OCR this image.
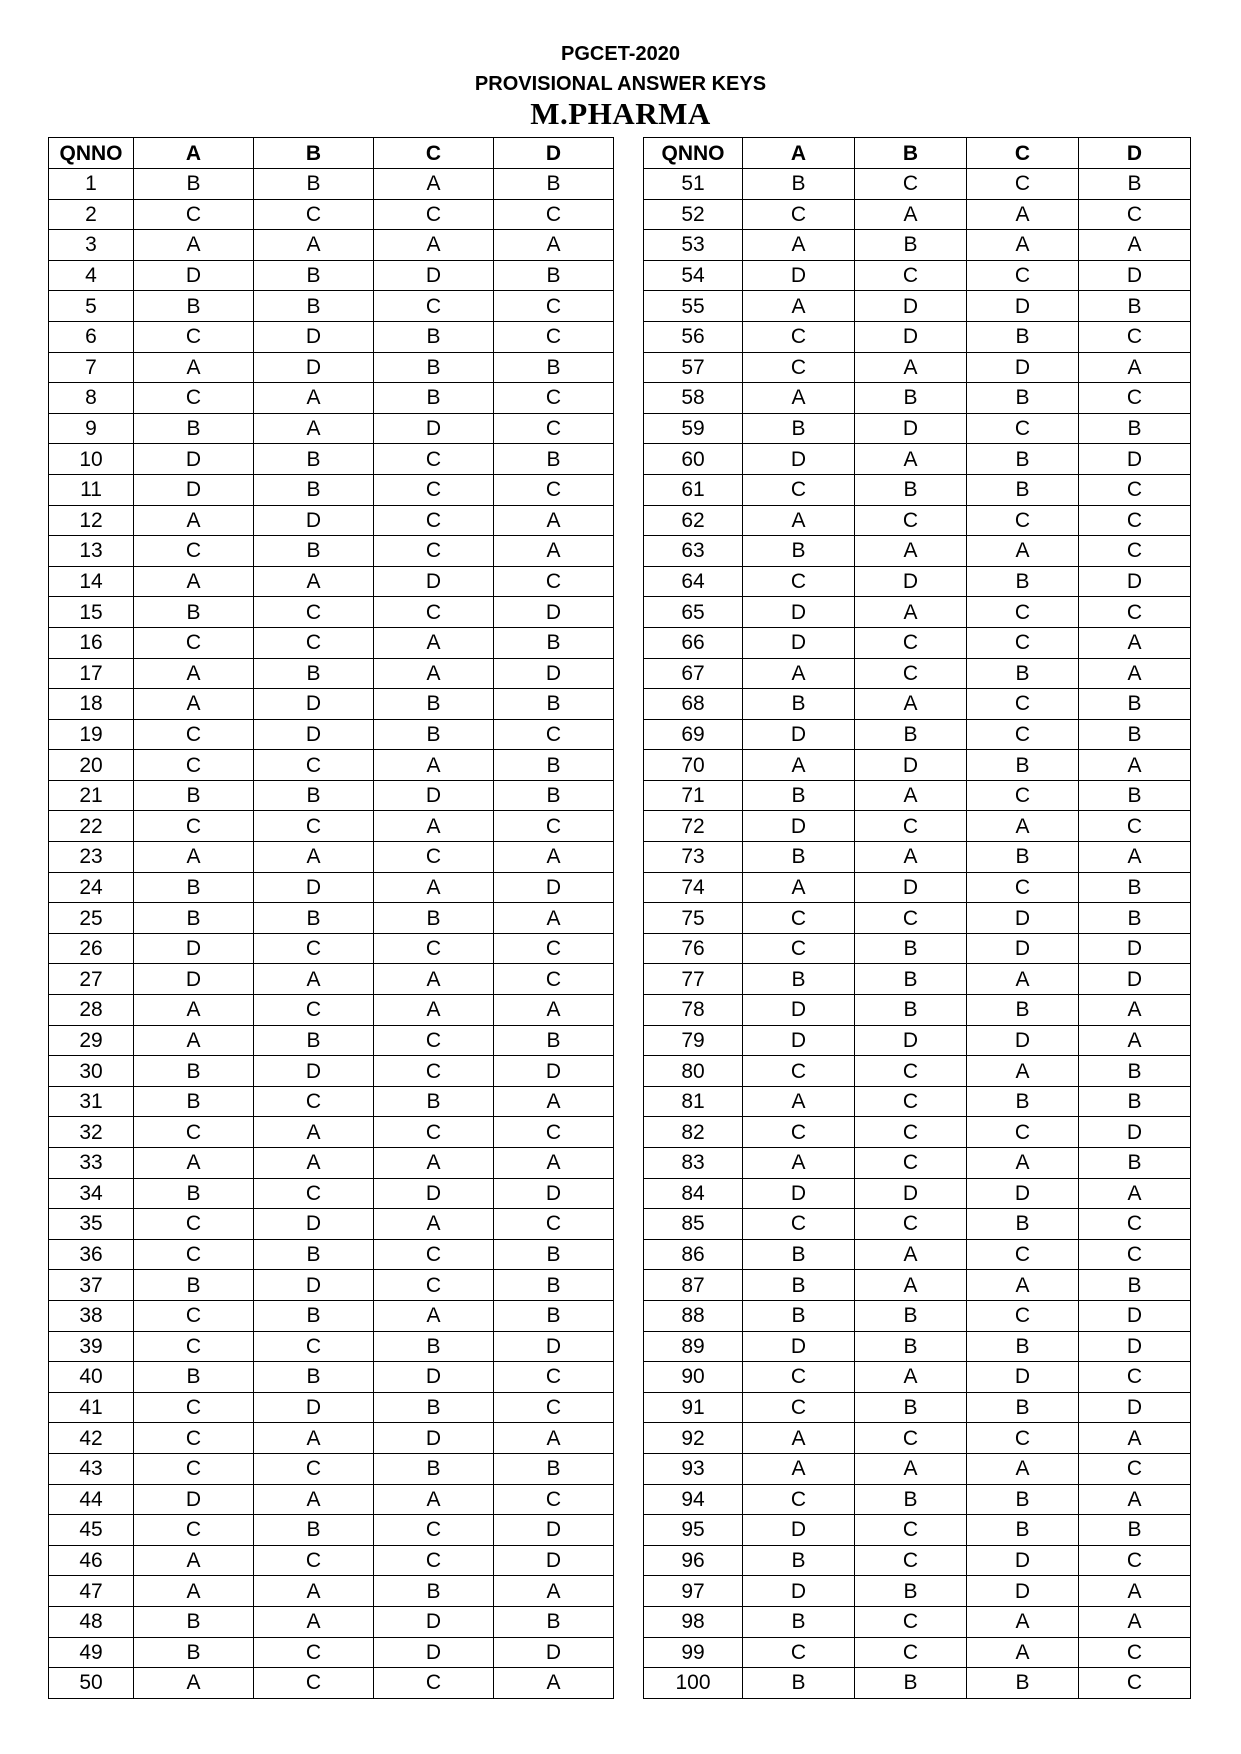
PGCET-2020
PROVISIONAL ANSWER KEYS
M.PHARMA
QNNO	A	B	C	D
1	B	B	A	B
2	C	C	C	C
3	A	A	A	A
4	D	B	D	B
5	B	B	C	C
6	C	D	B	C
7	A	D	B	B
8	C	A	B	C
9	B	A	D	C
10	D	B	C	B
11	D	B	C	C
12	A	D	C	A
13	C	B	C	A
14	A	A	D	C
15	B	C	C	D
16	C	C	A	B
17	A	B	A	D
18	A	D	B	B
19	C	D	B	C
20	C	C	A	B
21	B	B	D	B
22	C	C	A	C
23	A	A	C	A
24	B	D	A	D
25	B	B	B	A
26	D	C	C	C
27	D	A	A	C
28	A	C	A	A
29	A	B	C	B
30	B	D	C	D
31	B	C	B	A
32	C	A	C	C
33	A	A	A	A
34	B	C	D	D
35	C	D	A	C
36	C	B	C	B
37	B	D	C	B
38	C	B	A	B
39	C	C	B	D
40	B	B	D	C
41	C	D	B	C
42	C	A	D	A
43	C	C	B	B
44	D	A	A	C
45	C	B	C	D
46	A	C	C	D
47	A	A	B	A
48	B	A	D	B
49	B	C	D	D
50	A	C	C	A
QNNO	A	B	C	D
51	B	C	C	B
52	C	A	A	C
53	A	B	A	A
54	D	C	C	D
55	A	D	D	B
56	C	D	B	C
57	C	A	D	A
58	A	B	B	C
59	B	D	C	B
60	D	A	B	D
61	C	B	B	C
62	A	C	C	C
63	B	A	A	C
64	C	D	B	D
65	D	A	C	C
66	D	C	C	A
67	A	C	B	A
68	B	A	C	B
69	D	B	C	B
70	A	D	B	A
71	B	A	C	B
72	D	C	A	C
73	B	A	B	A
74	A	D	C	B
75	C	C	D	B
76	C	B	D	D
77	B	B	A	D
78	D	B	B	A
79	D	D	D	A
80	C	C	A	B
81	A	C	B	B
82	C	C	C	D
83	A	C	A	B
84	D	D	D	A
85	C	C	B	C
86	B	A	C	C
87	B	A	A	B
88	B	B	C	D
89	D	B	B	D
90	C	A	D	C
91	C	B	B	D
92	A	C	C	A
93	A	A	A	C
94	C	B	B	A
95	D	C	B	B
96	B	C	D	C
97	D	B	D	A
98	B	C	A	A
99	C	C	A	C
100	B	B	B	C
